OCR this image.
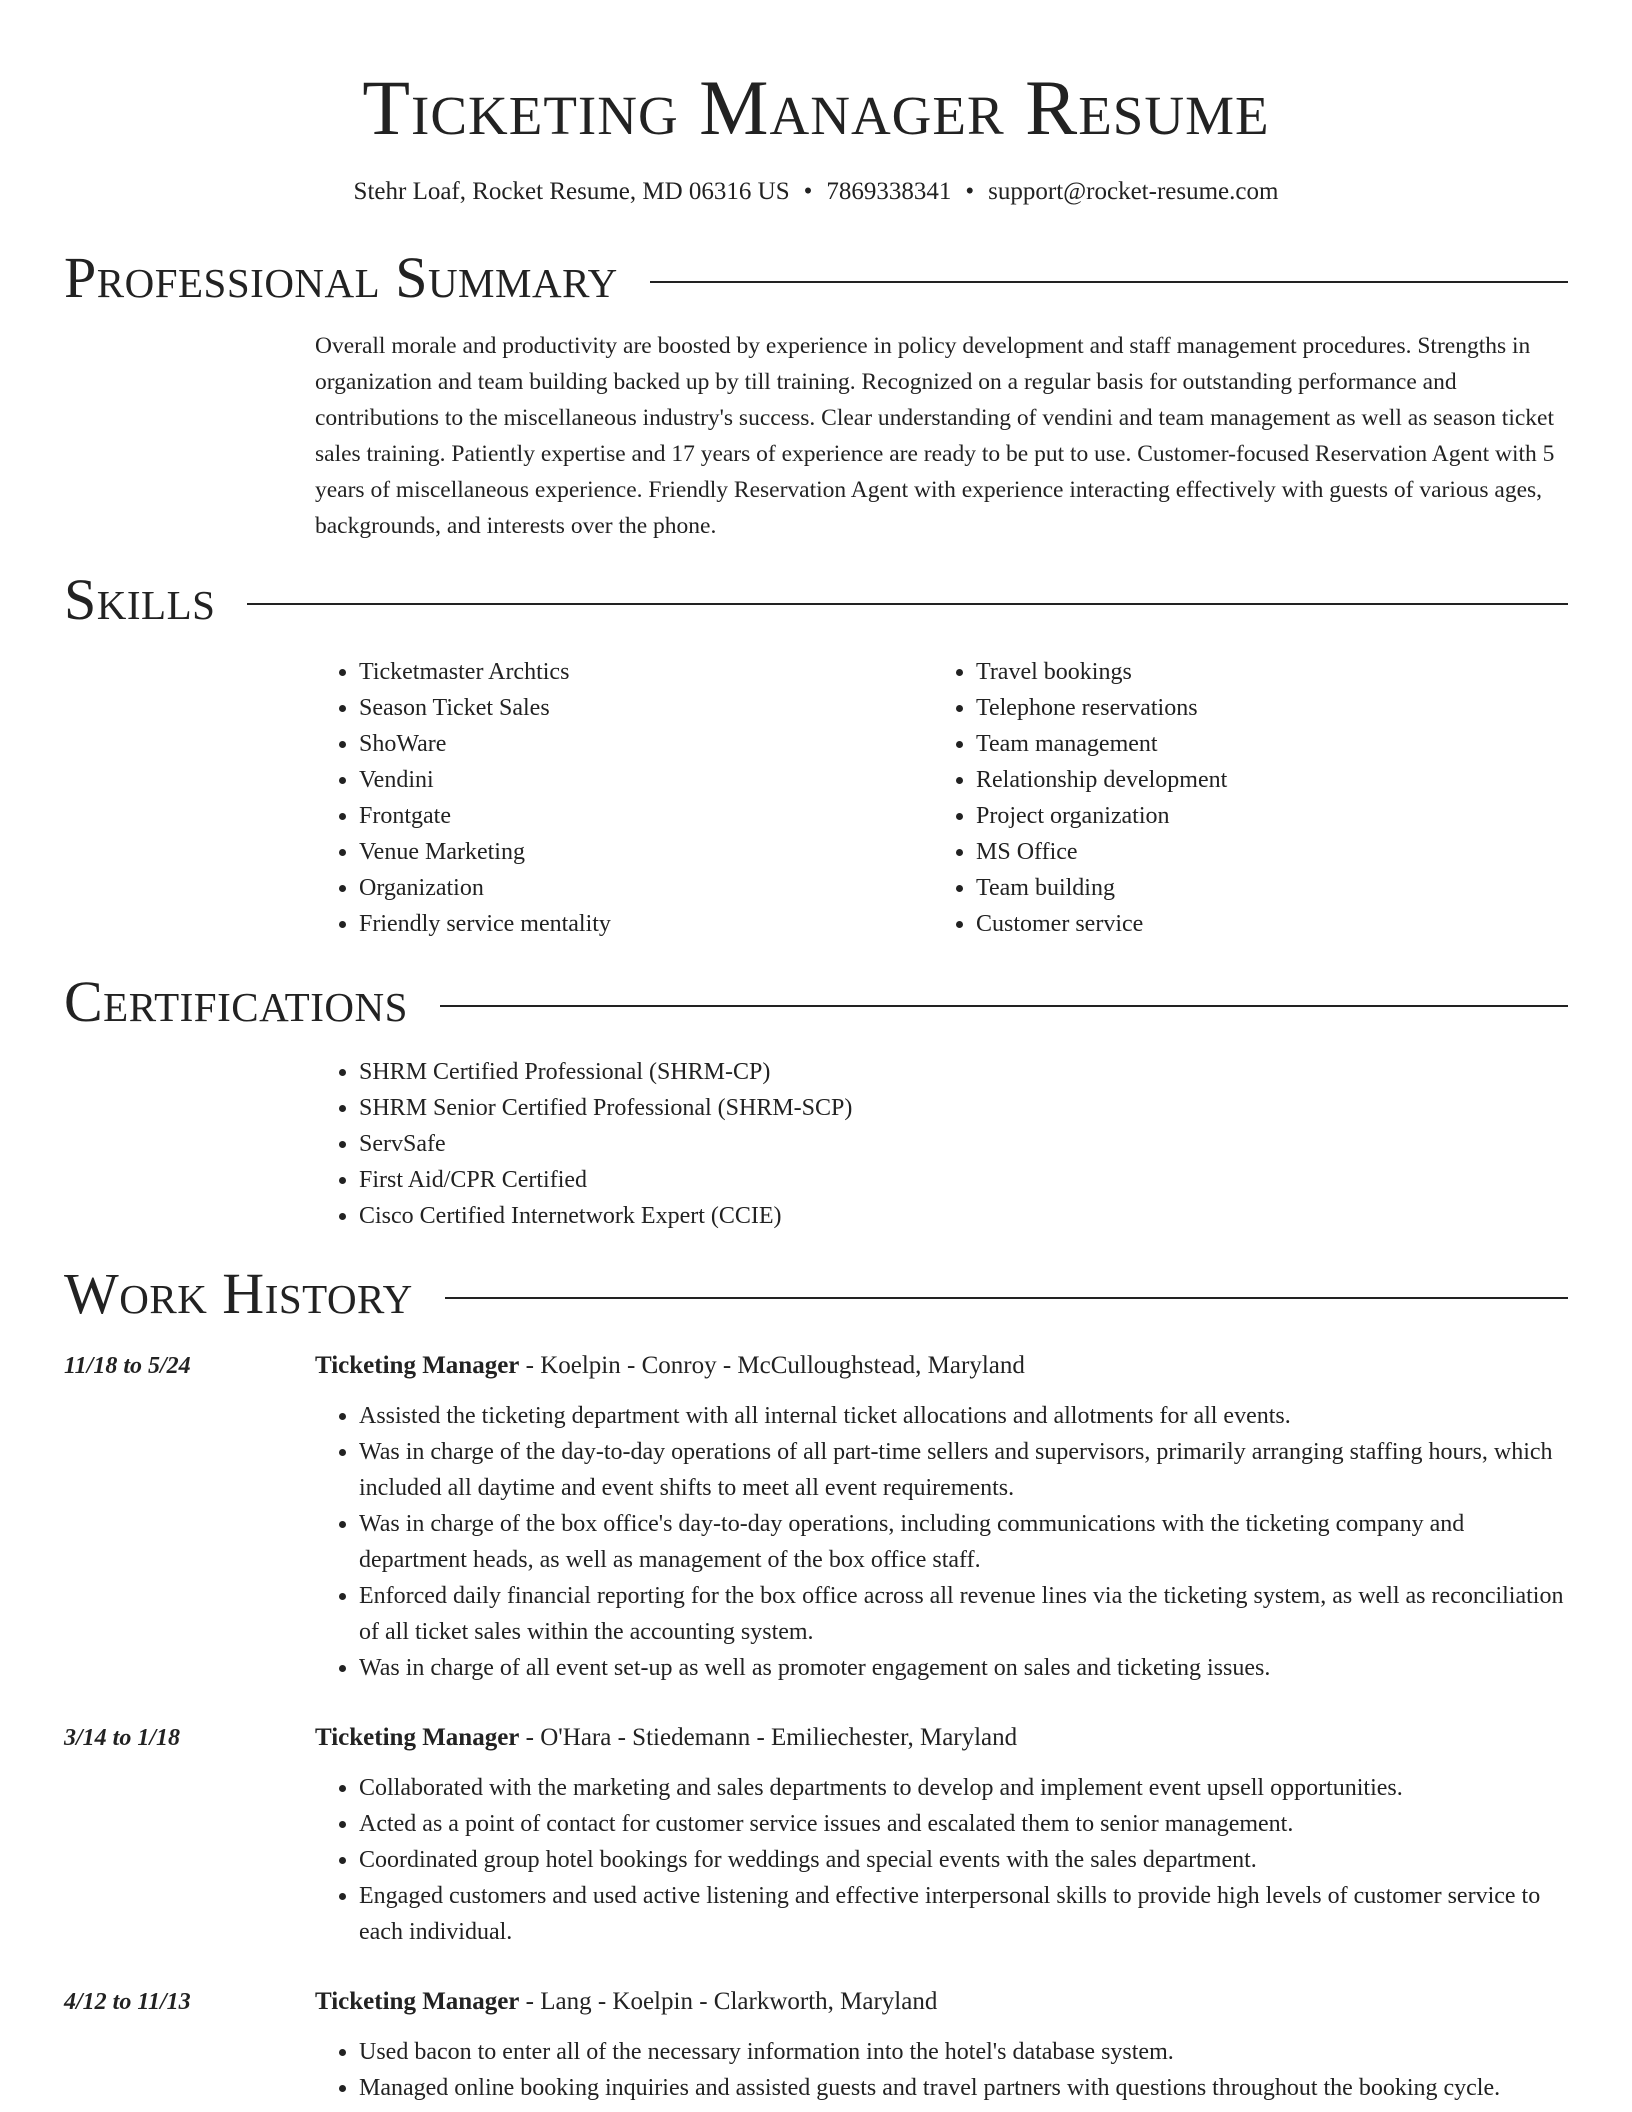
Ticketing Manager Resume
Stehr Loaf, Rocket Resume, MD 06316 US • 7869338341 • support@rocket-resume.com
Professional Summary
Overall morale and productivity are boosted by experience in policy development and staff management procedures. Strengths in organization and team building backed up by till training. Recognized on a regular basis for outstanding performance and contributions to the miscellaneous industry's success. Clear understanding of vendini and team management as well as season ticket sales training. Patiently expertise and 17 years of experience are ready to be put to use. Customer-focused Reservation Agent with 5 years of miscellaneous experience. Friendly Reservation Agent with experience interacting effectively with guests of various ages, backgrounds, and interests over the phone.
Skills
• Ticketmaster Archtics
• Season Ticket Sales
• ShoWare
• Vendini
• Frontgate
• Venue Marketing
• Organization
• Friendly service mentality
• Travel bookings
• Telephone reservations
• Team management
• Relationship development
• Project organization
• MS Office
• Team building
• Customer service
Certifications
• SHRM Certified Professional (SHRM-CP)
• SHRM Senior Certified Professional (SHRM-SCP)
• ServSafe
• First Aid/CPR Certified
• Cisco Certified Internetwork Expert (CCIE)
Work History
11/18 to 5/24	Ticketing Manager - Koelpin - Conroy - McCulloughstead, Maryland
• Assisted the ticketing department with all internal ticket allocations and allotments for all events.
• Was in charge of the day-to-day operations of all part-time sellers and supervisors, primarily arranging staffing hours, which included all daytime and event shifts to meet all event requirements.
• Was in charge of the box office's day-to-day operations, including communications with the ticketing company and department heads, as well as management of the box office staff.
• Enforced daily financial reporting for the box office across all revenue lines via the ticketing system, as well as reconciliation of all ticket sales within the accounting system.
• Was in charge of all event set-up as well as promoter engagement on sales and ticketing issues.
3/14 to 1/18	Ticketing Manager - O'Hara - Stiedemann - Emiliechester, Maryland
• Collaborated with the marketing and sales departments to develop and implement event upsell opportunities.
• Acted as a point of contact for customer service issues and escalated them to senior management.
• Coordinated group hotel bookings for weddings and special events with the sales department.
• Engaged customers and used active listening and effective interpersonal skills to provide high levels of customer service to each individual.
4/12 to 11/13	Ticketing Manager - Lang - Koelpin - Clarkworth, Maryland
• Used bacon to enter all of the necessary information into the hotel's database system.
• Managed online booking inquiries and assisted guests and travel partners with questions throughout the booking cycle.
